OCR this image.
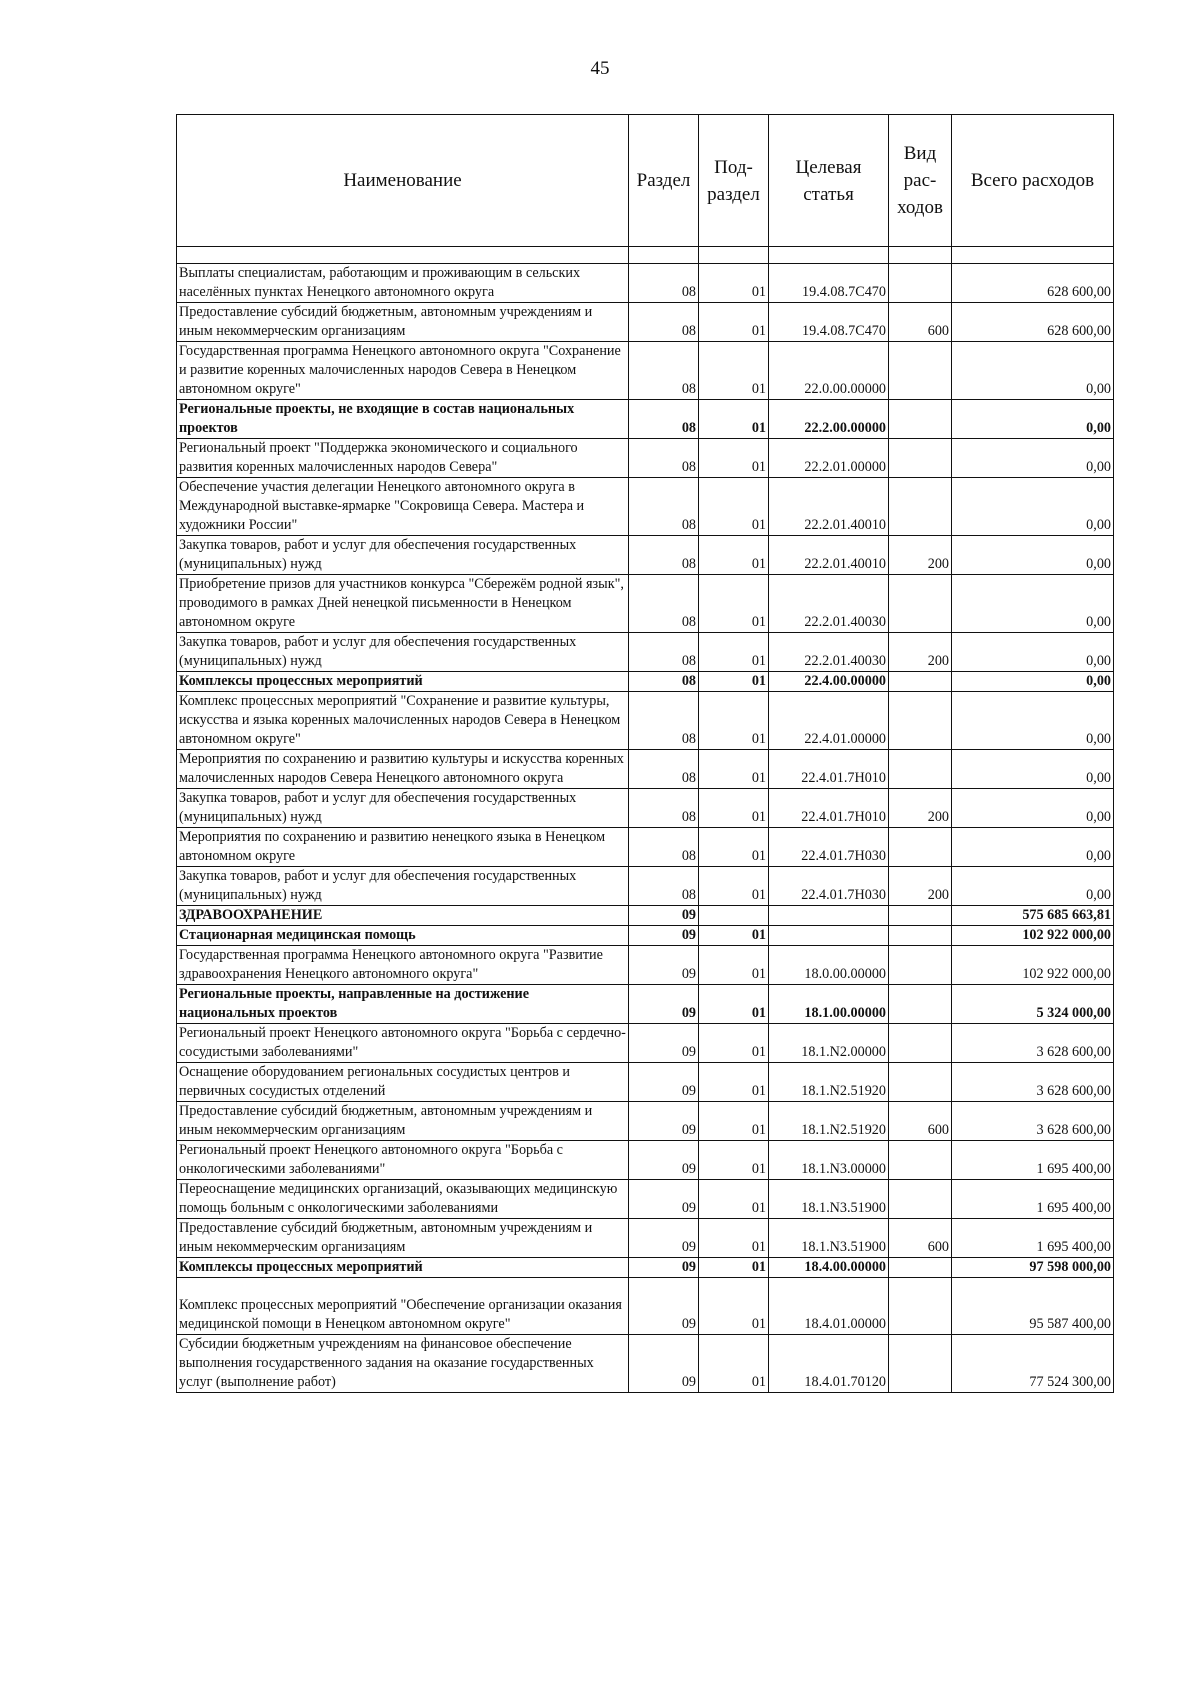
45
Наименование	Раздел	Под-раздел	Целевая статья	Вид рас-ходов	Всего расходов

Выплаты специалистам, работающим и проживающим в сельских населённых пунктах Ненецкого автономного округа	08	01	19.4.08.7С470		628 600,00
Предоставление субсидий бюджетным, автономным учреждениям и иным некоммерческим организациям	08	01	19.4.08.7С470	600	628 600,00
Государственная программа Ненецкого автономного округа "Сохранение и развитие коренных малочисленных народов Севера в Ненецком автономном округе"	08	01	22.0.00.00000		0,00
Региональные проекты, не входящие в состав национальных проектов	08	01	22.2.00.00000		0,00
Региональный проект "Поддержка экономического и социального развития коренных малочисленных народов Севера"	08	01	22.2.01.00000		0,00
Обеспечение участия делегации Ненецкого автономного округа в Международной выставке-ярмарке "Сокровища Севера. Мастера и художники России"	08	01	22.2.01.40010		0,00
Закупка товаров, работ и услуг для обеспечения государственных (муниципальных) нужд	08	01	22.2.01.40010	200	0,00
Приобретение призов для участников конкурса "Сбережём родной язык", проводимого в рамках Дней ненецкой письменности в Ненецком автономном округе	08	01	22.2.01.40030		0,00
Закупка товаров, работ и услуг для обеспечения государственных (муниципальных) нужд	08	01	22.2.01.40030	200	0,00
Комплексы процессных мероприятий	08	01	22.4.00.00000		0,00
Комплекс процессных мероприятий "Сохранение и развитие культуры, искусства и языка коренных малочисленных народов Севера в Ненецком автономном округе"	08	01	22.4.01.00000		0,00
Мероприятия по сохранению и развитию культуры и искусства коренных малочисленных народов Севера Ненецкого автономного округа	08	01	22.4.01.7Н010		0,00
Закупка товаров, работ и услуг для обеспечения государственных (муниципальных) нужд	08	01	22.4.01.7Н010	200	0,00
Мероприятия по сохранению и развитию ненецкого языка в Ненецком автономном округе	08	01	22.4.01.7Н030		0,00
Закупка товаров, работ и услуг для обеспечения государственных (муниципальных) нужд	08	01	22.4.01.7Н030	200	0,00
ЗДРАВООХРАНЕНИЕ	09				575 685 663,81
Стационарная медицинская помощь	09	01			102 922 000,00
Государственная программа Ненецкого автономного округа "Развитие здравоохранения Ненецкого автономного округа"	09	01	18.0.00.00000		102 922 000,00
Региональные проекты, направленные на достижение национальных проектов	09	01	18.1.00.00000		5 324 000,00
Региональный проект Ненецкого автономного округа "Борьба с сердечно-сосудистыми заболеваниями"	09	01	18.1.N2.00000		3 628 600,00
Оснащение оборудованием региональных сосудистых центров и первичных сосудистых отделений	09	01	18.1.N2.51920		3 628 600,00
Предоставление субсидий бюджетным, автономным учреждениям и иным некоммерческим организациям	09	01	18.1.N2.51920	600	3 628 600,00
Региональный проект Ненецкого автономного округа "Борьба с онкологическими заболеваниями"	09	01	18.1.N3.00000		1 695 400,00
Переоснащение медицинских организаций, оказывающих медицинскую помощь больным с онкологическими заболеваниями	09	01	18.1.N3.51900		1 695 400,00
Предоставление субсидий бюджетным, автономным учреждениям и иным некоммерческим организациям	09	01	18.1.N3.51900	600	1 695 400,00
Комплексы процессных мероприятий	09	01	18.4.00.00000		97 598 000,00
Комплекс процессных мероприятий "Обеспечение организации оказания медицинской помощи в Ненецком автономном округе"	09	01	18.4.01.00000		95 587 400,00
Субсидии бюджетным учреждениям на финансовое обеспечение выполнения государственного задания на оказание государственных услуг (выполнение работ)	09	01	18.4.01.70120		77 524 300,00
